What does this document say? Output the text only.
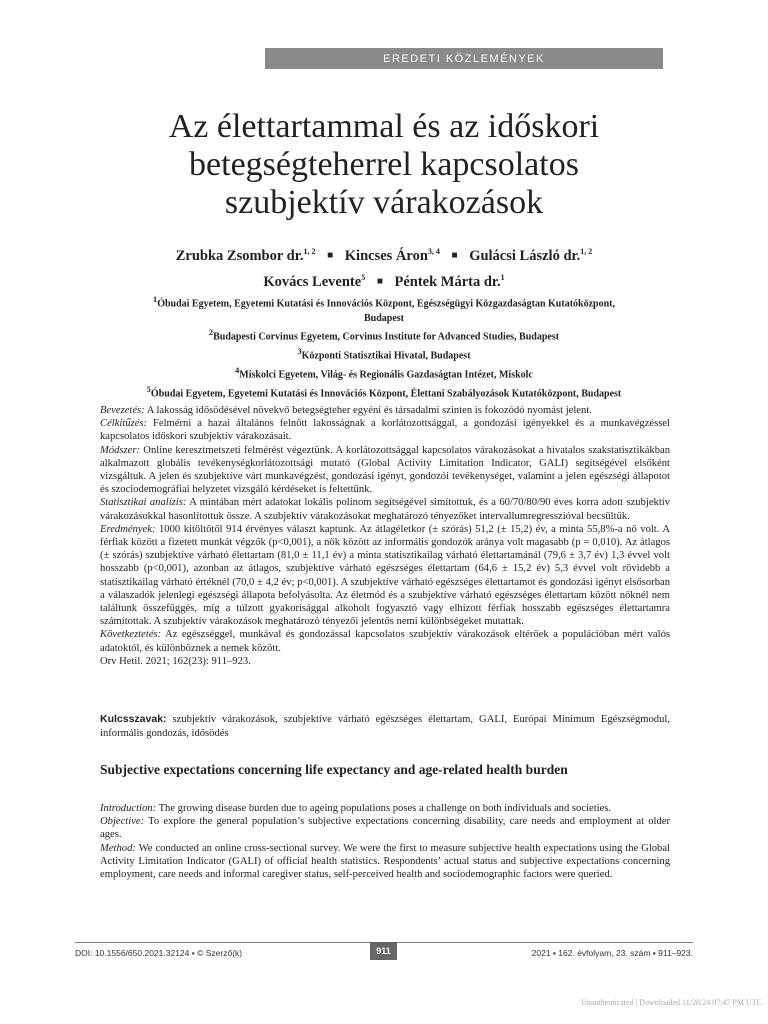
EREDETI KÖZLEMÉNYEK
Az élettartammal és az időskori
betegségteherrel kapcsolatos
szubjektív várakozások
Zrubka Zsombor dr.$^{1, 2}$ ■ Kincses Áron$^{3, 4}$ ■ Gulácsi László dr.$^{1, 2}$
Kovács Levente$^5$ ■ Péntek Márta dr.$^1$
$^1$Óbudai Egyetem, Egyetemi Kutatási és Innovációs Központ, Egészségügyi Közgazdaságtan Kutatóközpont,
Budapest
$^2$Budapesti Corvinus Egyetem, Corvinus Institute for Advanced Studies, Budapest
$^3$Központi Statisztikai Hivatal, Budapest
$^4$Miskolci Egyetem, Világ- és Regionális Gazdaságtan Intézet, Miskolc
$^5$Óbudai Egyetem, Egyetemi Kutatási és Innovációs Központ, Élettani Szabályozások Kutatóközpont, Budapest

Bevezetés: A lakosság idősödésével növekvő betegségteher egyéni és társadalmi szinten is fokozódó nyomást jelent.

Célkitűzés: Felmérni a hazai általános felnőtt lakosságnak a korlátozottsággal, a gondozási igényekkel és a munkavégzéssel kapcsolatos időskori szubjektív várakozásait.

Módszer: Online keresztmetszeti felmérést végeztünk. A korlátozottsággal kapcsolatos várakozásokat a hivatalos szakstatisztikákban alkalmazott globális tevékenységkorlátozottsági mutató (Global Activity Limitation Indicator, GALI) segítségével elsőként vizsgáltuk. A jelen és szubjektíve várt munkavégzést, gondozási igényt, gondozói tevékenységet, valamint a jelen egészségi állapotot és szociodemográfiai helyzetet vizsgáló kérdéseket is feltettünk.

Statisztikai analízis: A mintában mért adatokat lokális polinom segítségével simítottuk, és a 60/70/80/90 éves korra adott szubjektív várakozásokkal hasonlítottuk össze. A szubjektív várakozásokat meghatározó tényezőket intervallumregresszióval becsültük.

Eredmények: 1000 kitöltőtől 914 érvényes választ kaptunk. Az átlagéletkor (± szórás) 51,2 (± 15,2) év, a minta 55,8%-a nő volt. A férfiak között a fizetett munkát végzők (p<0,001), a nők között az informális gondozók aránya volt magasabb (p = 0,010). Az átlagos (± szórás) szubjektíve várható élettartam (81,0 ± 11,1 év) a minta statisztikailag várható élettartamánál (79,6 ± 3,7 év) 1,3 évvel volt hosszabb (p<0,001), azonban az átlagos, szubjektíve várható egészséges élettartam (64,6 ± 15,2 év) 5,3 évvel volt rövidebb a statisztikailag várható értéknél (70,0 ± 4,2 év; p<0,001). A szubjektíve várható egészséges élettartamot és gondozási igényt elsősorban a válaszadók jelenlegi egészségi állapota befolyásolta. Az életmód és a szubjektíve várható egészséges élettartam között nőknél nem találtunk összefüggés, míg a túlzott gyakorisággal alkoholt fogyasztó vagy elhízott férfiak hosszabb egészséges élettartamra számítottak. A szubjektív várakozások meghatározó tényezői jelentős nemi különbségeket mutattak.

Következtetés: Az egészséggel, munkával és gondozással kapcsolatos szubjektív várakozások eltérőek a populációban mért valós adatoktól, és különböznek a nemek között.

Orv Hetil. 2021; 162(23): 911–923.

Kulcsszavak: szubjektív várakozások, szubjektíve várható egészséges élettartam, GALI, Európai Minimum Egészségmodul, informális gondozás, idősödés
Subjective expectations concerning life expectancy and age-related health burden

Introduction: The growing disease burden due to ageing populations poses a challenge on both individuals and societies.

Objective: To explore the general population’s subjective expectations concerning disability, care needs and employment at older ages.

Method: We conducted an online cross-sectional survey. We were the first to measure subjective health expectations using the Global Activity Limitation Indicator (GALI) of official health statistics. Respondents’ actual status and subjective expectations concerning employment, care needs and informal caregiver status, self-perceived health and sociodemographic factors were queried.

DOI: 10.1556/650.2021.32124 ▪ © Szerző(k)	911	2021 ▪ 162. évfolyam, 23. szám ▪ 911–923.
Unauthenticated | Downloaded 11/28/24 07:47 PM UTC
